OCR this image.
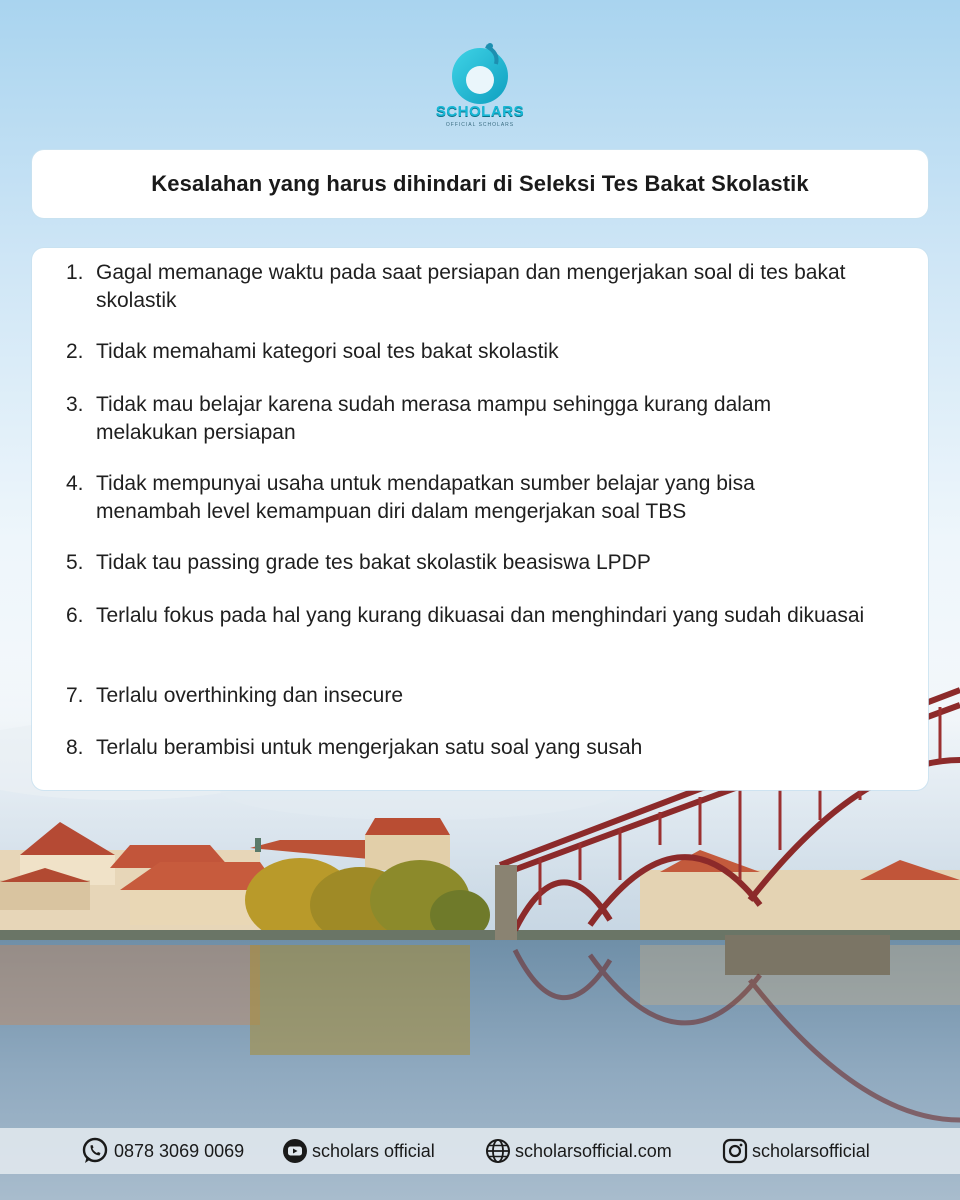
SCHOLARS
OFFICIAL SCHOLARS
Kesalahan yang harus dihindari di Seleksi Tes Bakat Skolastik
1. Gagal memanage waktu pada saat persiapan dan mengerjakan soal di tes bakat skolastik
2. Tidak memahami kategori soal tes bakat skolastik
3. Tidak mau belajar karena sudah merasa mampu sehingga kurang dalam melakukan persiapan
4. Tidak mempunyai usaha untuk mendapatkan sumber belajar yang bisa menambah level kemampuan diri dalam mengerjakan soal TBS
5. Tidak tau passing grade tes bakat skolastik beasiswa LPDP
6. Terlalu fokus pada hal yang kurang dikuasai dan menghindari yang sudah dikuasai
7. Terlalu overthinking dan insecure
8. Terlalu berambisi untuk mengerjakan satu soal yang susah
0878 3069 0069	scholars official	scholarsofficial.com	scholarsofficial
